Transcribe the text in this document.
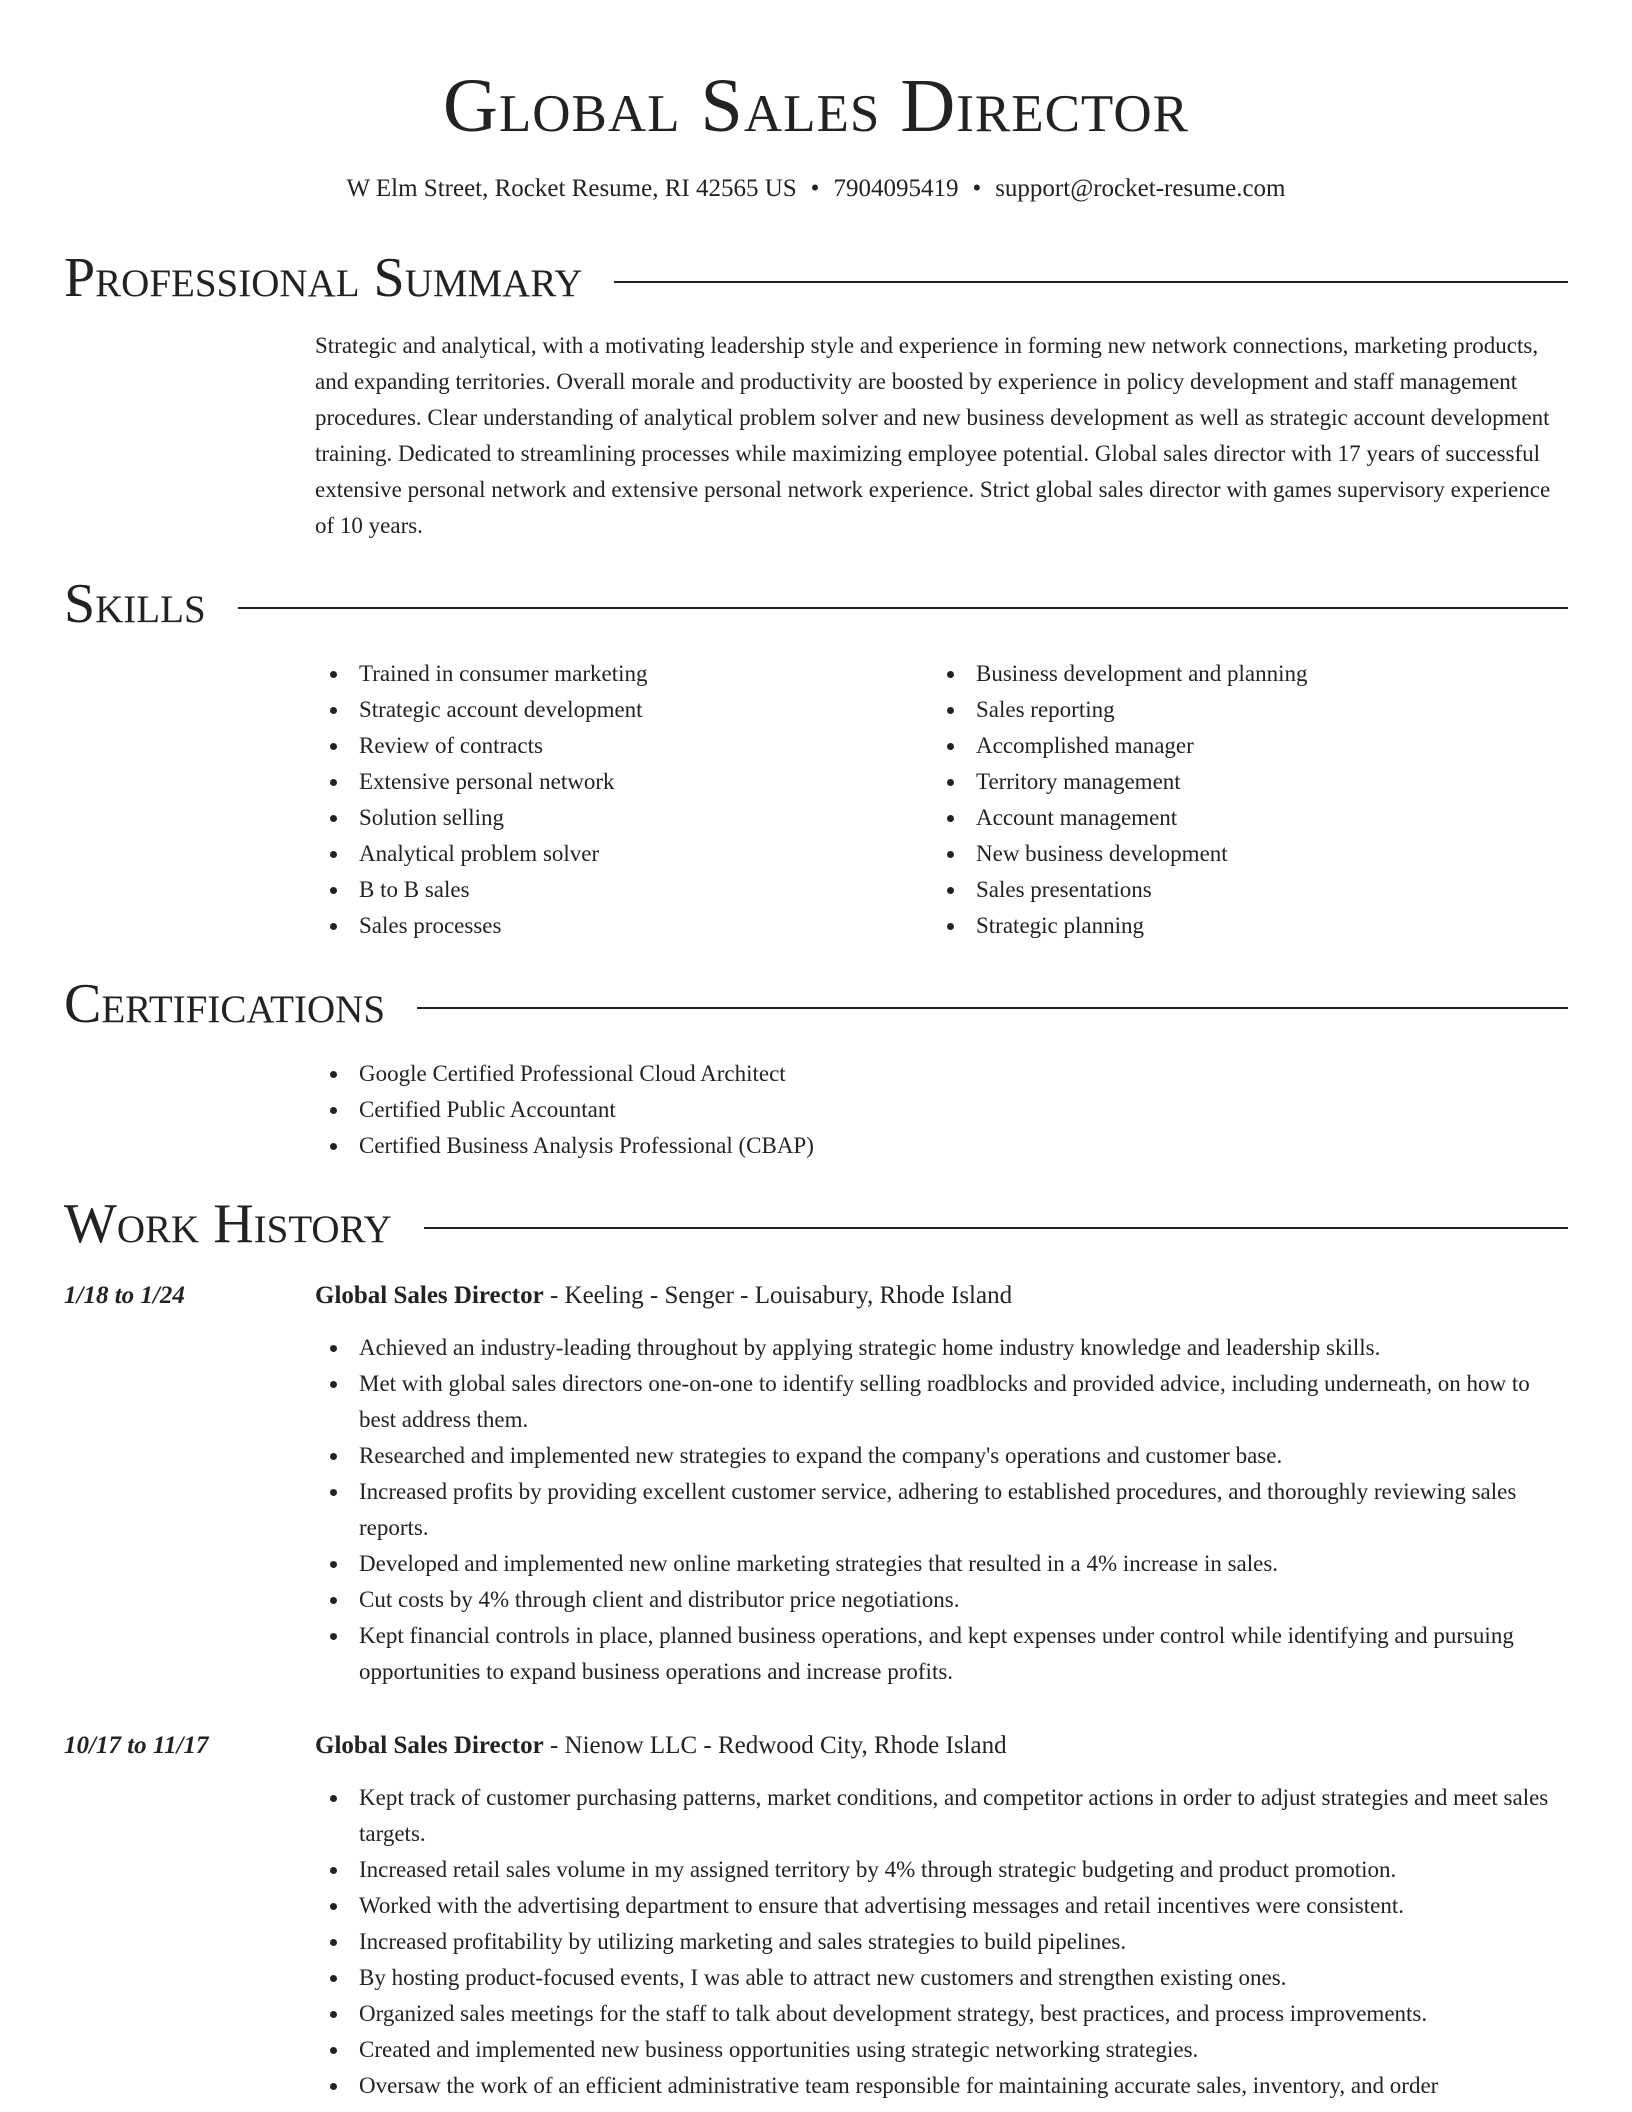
Global Sales Director
W Elm Street, Rocket Resume, RI 42565 US • 7904095419 • support@rocket-resume.com
Professional Summary

Strategic and analytical, with a motivating leadership style and experience in forming new network connections, marketing products, and expanding territories. Overall morale and productivity are boosted by experience in policy development and staff management procedures. Clear understanding of analytical problem solver and new business development as well as strategic account development training. Dedicated to streamlining processes while maximizing employee potential. Global sales director with 17 years of successful extensive personal network and extensive personal network experience. Strict global sales director with games supervisory experience of 10 years.

Skills
Trained in consumer marketing
Strategic account development
Review of contracts
Extensive personal network
Solution selling
Analytical problem solver
B to B sales
Sales processes
Business development and planning
Sales reporting
Accomplished manager
Territory management
Account management
New business development
Sales presentations
Strategic planning
Certifications
Google Certified Professional Cloud Architect
Certified Public Accountant
Certified Business Analysis Professional (CBAP)
Work History
1/18 to 1/24	Global Sales Director - Keeling - Senger - Louisabury, Rhode Island
Achieved an industry-leading throughout by applying strategic home industry knowledge and leadership skills.
Met with global sales directors one-on-one to identify selling roadblocks and provided advice, including underneath, on how to best address them.
Researched and implemented new strategies to expand the company's operations and customer base.
Increased profits by providing excellent customer service, adhering to established procedures, and thoroughly reviewing sales reports.
Developed and implemented new online marketing strategies that resulted in a 4% increase in sales.
Cut costs by 4% through client and distributor price negotiations.
Kept financial controls in place, planned business operations, and kept expenses under control while identifying and pursuing opportunities to expand business operations and increase profits.
10/17 to 11/17	Global Sales Director - Nienow LLC - Redwood City, Rhode Island
Kept track of customer purchasing patterns, market conditions, and competitor actions in order to adjust strategies and meet sales targets.
Increased retail sales volume in my assigned territory by 4% through strategic budgeting and product promotion.
Worked with the advertising department to ensure that advertising messages and retail incentives were consistent.
Increased profitability by utilizing marketing and sales strategies to build pipelines.
By hosting product-focused events, I was able to attract new customers and strengthen existing ones.
Organized sales meetings for the staff to talk about development strategy, best practices, and process improvements.
Created and implemented new business opportunities using strategic networking strategies.
Oversaw the work of an efficient administrative team responsible for maintaining accurate sales, inventory, and order
